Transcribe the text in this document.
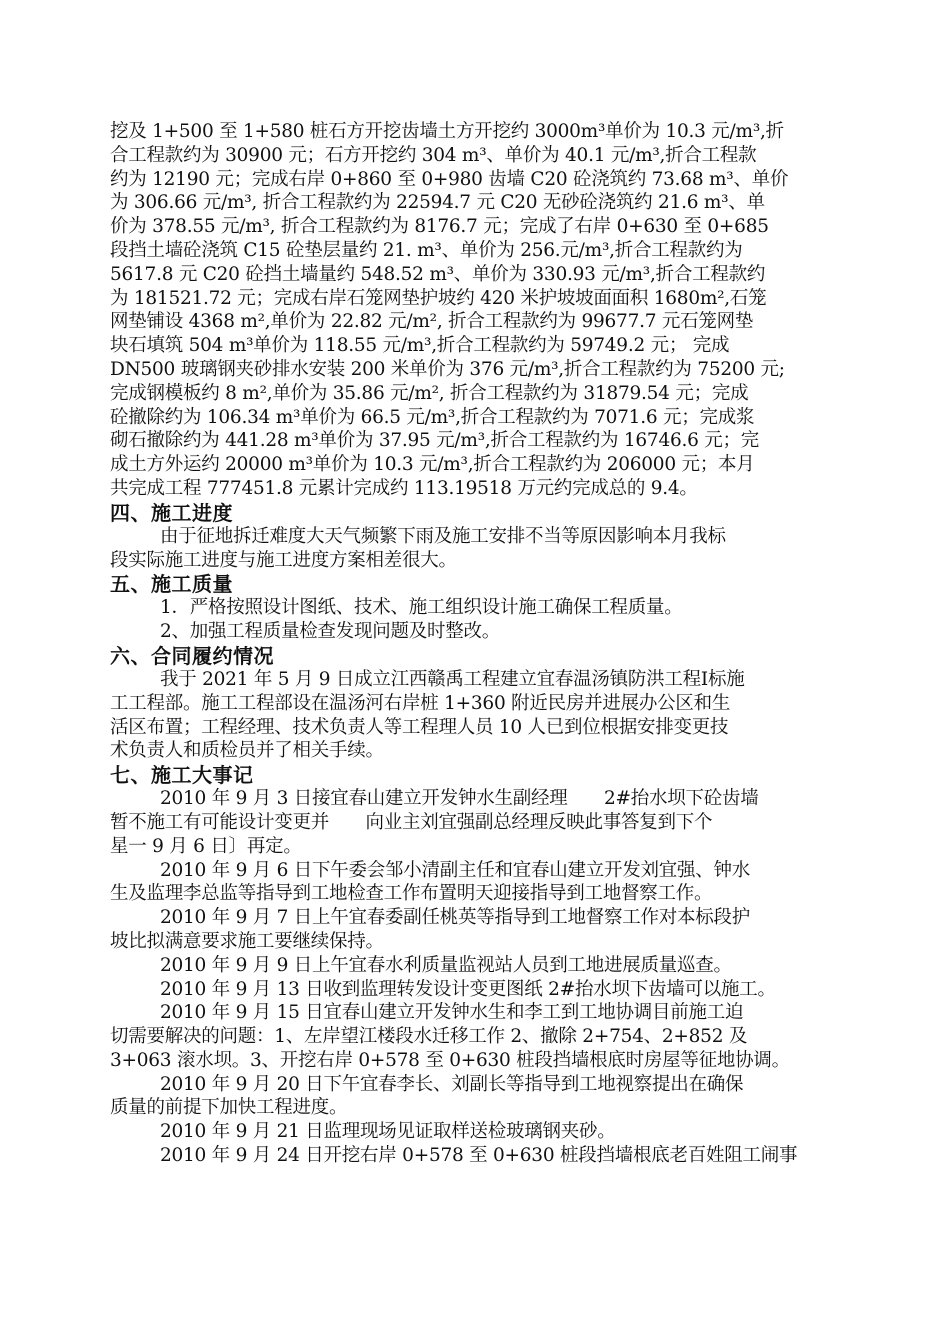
挖及 1+500 至 1+580 桩石方开挖齿墙土方开挖约 3000m³单价为 10.3 元/m³,折
合工程款约为 30900 元；石方开挖约 304 m³、单价为 40.1 元/m³,折合工程款
约为 12190 元；完成右岸 0+860 至 0+980 齿墙 C20 砼浇筑约 73.68 m³、单价
为 306.66 元/m³, 折合工程款约为 22594.7 元 C20 无砂砼浇筑约 21.6 m³、单
价为 378.55 元/m³, 折合工程款约为 8176.7 元；完成了右岸 0+630 至 0+685
段挡土墙砼浇筑 C15 砼垫层量约 21. m³、单价为 256.元/m³,折合工程款约为
5617.8 元 C20 砼挡土墙量约 548.52 m³、单价为 330.93 元/m³,折合工程款约
为 181521.72 元；完成右岸石笼网垫护坡约 420 米护坡坡面面积 1680m²,石笼
网垫铺设 4368 m²,单价为 22.82 元/m², 折合工程款约为 99677.7 元石笼网垫
块石填筑 504 m³单价为 118.55 元/m³,折合工程款约为 59749.2 元； 完成
DN500 玻璃钢夹砂排水安装 200 米单价为 376 元/m³,折合工程款约为 75200 元;
完成钢模板约 8 m²,单价为 35.86 元/m², 折合工程款约为 31879.54 元；完成
砼撤除约为 106.34 m³单价为 66.5 元/m³,折合工程款约为 7071.6 元；完成浆
砌石撤除约为 441.28 m³单价为 37.95 元/m³,折合工程款约为 16746.6 元；完
成土方外运约 20000 m³单价为 10.3 元/m³,折合工程款约为 206000 元；本月
共完成工程 777451.8 元累计完成约 113.19518 万元约完成总的 9.4。
四、施工进度
由于征地拆迁难度大天气频繁下雨及施工安排不当等原因影响本月我标
段实际施工进度与施工进度方案相差很大。
五、施工质量
1．严格按照设计图纸、技术、施工组织设计施工确保工程质量。
2、加强工程质量检查发现问题及时整改。
六、合同履约情况
我于 2021 年 5 月 9 日成立江西赣禹工程建立宜春温汤镇防洪工程Ⅰ标施
工工程部。施工工程部设在温汤河右岸桩 1+360 附近民房并进展办公区和生
活区布置；工程经理、技术负责人等工程理人员 10 人已到位根据安排变更技
术负责人和质检员并了相关手续。
七、施工大事记
2010 年 9 月 3 日接宜春山建立开发钟水生副经理　　2#抬水坝下砼齿墙
暂不施工有可能设计变更并　　向业主刘宜强副总经理反映此事答复到下个
星一 9 月 6 日〕再定。
2010 年 9 月 6 日下午委会邹小清副主任和宜春山建立开发刘宜强、钟水
生及监理李总监等指导到工地检查工作布置明天迎接指导到工地督察工作。
2010 年 9 月 7 日上午宜春委副任桃英等指导到工地督察工作对本标段护
坡比拟满意要求施工要继续保持。
2010 年 9 月 9 日上午宜春水利质量监视站人员到工地进展质量巡查。
2010 年 9 月 13 日收到监理转发设计变更图纸 2#抬水坝下齿墙可以施工。
2010 年 9 月 15 日宜春山建立开发钟水生和李工到工地协调目前施工迫
切需要解决的问题：1、左岸望江楼段水迁移工作 2、撤除 2+754、2+852 及
3+063 滚水坝。3、开挖右岸 0+578 至 0+630 桩段挡墙根底时房屋等征地协调。
2010 年 9 月 20 日下午宜春李长、刘副长等指导到工地视察提出在确保
质量的前提下加快工程进度。
2010 年 9 月 21 日监理现场见证取样送检玻璃钢夹砂。
2010 年 9 月 24 日开挖右岸 0+578 至 0+630 桩段挡墙根底老百姓阻工闹事
